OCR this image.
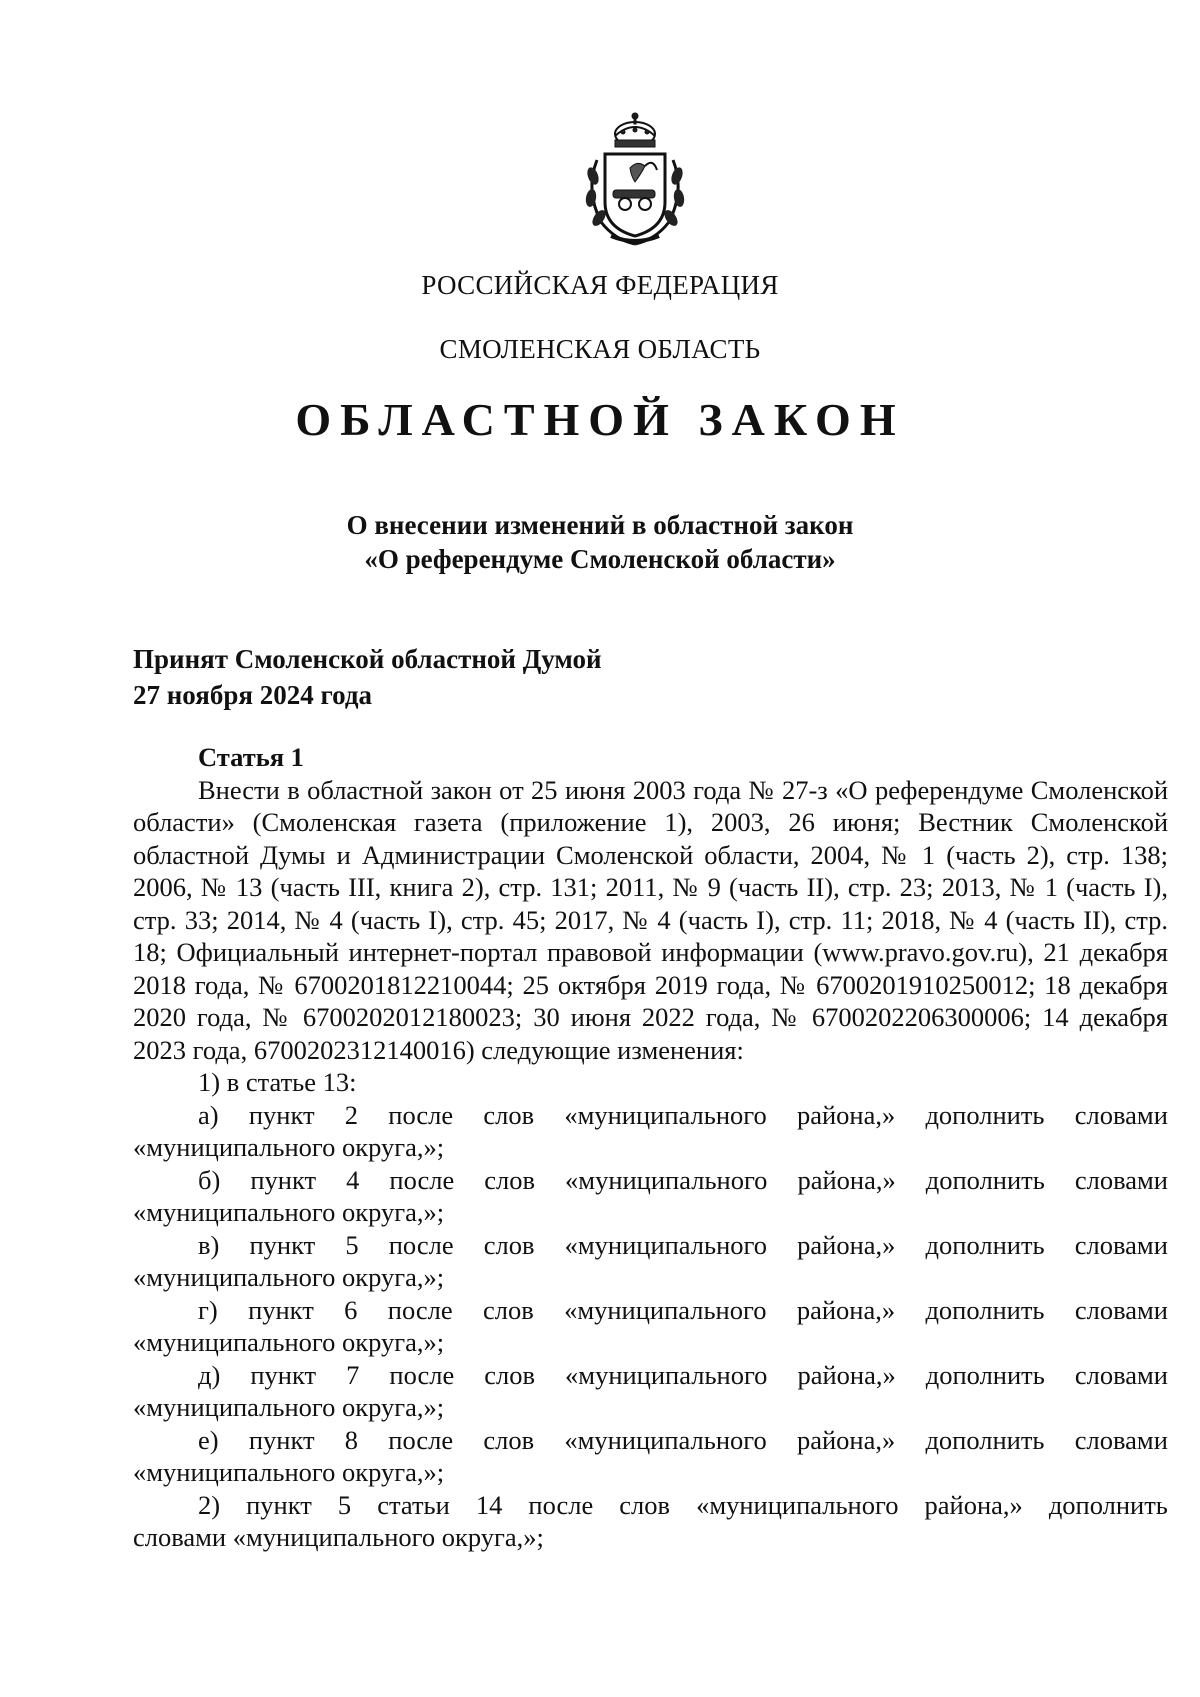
РОССИЙСКАЯ ФЕДЕРАЦИЯ
СМОЛЕНСКАЯ ОБЛАСТЬ
ОБЛАСТНОЙ ЗАКОН
О внесении изменений в областной закон
«О референдуме Смоленской области»
Принят Смоленской областной Думой
27 ноября 2024 года
Статья 1

Внести в областной закон от 25 июня 2003 года № 27-з «О референдуме Смоленской области» (Смоленская газета (приложение 1), 2003, 26 июня; Вестник Смоленской областной Думы и Администрации Смоленской области, 2004, № 1 (часть 2), стр. 138; 2006, № 13 (часть III, книга 2), стр. 131; 2011, № 9 (часть II), стр. 23; 2013, № 1 (часть I), стр. 33; 2014, № 4 (часть I), стр. 45; 2017, № 4 (часть I), стр. 11; 2018, № 4 (часть II), стр. 18; Официальный интернет-портал правовой информации (www.pravo.gov.ru), 21 декабря 2018 года, № 6700201812210044; 25 октября 2019 года, № 6700201910250012; 18 декабря 2020 года, № 6700202012180023; 30 июня 2022 года, № 6700202206300006; 14 декабря 2023 года, 6700202312140016) следующие изменения:

1) в статье 13:

а) пункт 2 после слов «муниципального района,» дополнить словами

«муниципального округа,»;

б) пункт 4 после слов «муниципального района,» дополнить словами

«муниципального округа,»;

в) пункт 5 после слов «муниципального района,» дополнить словами

«муниципального округа,»;

г) пункт 6 после слов «муниципального района,» дополнить словами

«муниципального округа,»;

д) пункт 7 после слов «муниципального района,» дополнить словами

«муниципального округа,»;

е) пункт 8 после слов «муниципального района,» дополнить словами

«муниципального округа,»;

2) пункт 5 статьи 14 после слов «муниципального района,» дополнить

словами «муниципального округа,»;
